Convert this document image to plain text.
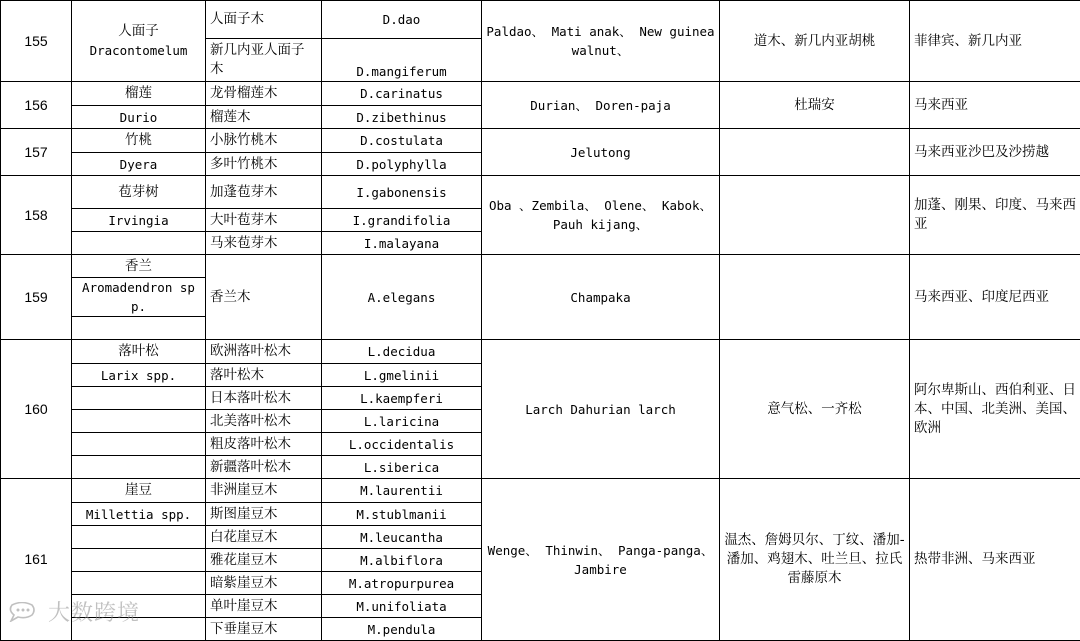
155	人面子
Dracontomelum	人面子木	D.dao	Paldao、 Mati anak、 New guinea walnut、	道木、新几内亚胡桃	菲律宾、新几内亚
		新几内亚人面子木	D.mangiferum			
156	榴莲	龙骨榴莲木	D.carinatus	Durian、 Doren-paja	杜瑞安	马来西亚
	Durio	榴莲木	D.zibethinus			
157	竹桃	小脉竹桃木	D.costulata	Jelutong		马来西亚沙巴及沙捞越
	Dyera	多叶竹桃木	D.polyphylla			
158	苞芽树	加蓬苞芽木	I.gabonensis	Oba 、Zembila、 Olene、 Kabok、 Pauh kijang、		加蓬、刚果、印度、马来西亚
	Irvingia	大叶苞芽木	I.grandifolia			
		马来苞芽木	I.malayana			
159	香兰	香兰木	A.elegans	Champaka		马来西亚、印度尼西亚
	Aromadendron spp.					

160	落叶松	欧洲落叶松木	L.decidua	Larch Dahurian larch	意气松、一齐松	阿尔卑斯山、西伯利亚、日本、中国、北美洲、美国、欧洲
	Larix spp.	落叶松木	L.gmelinii			
		日本落叶松木	L.kaempferi			
		北美落叶松木	L.laricina			
		粗皮落叶松木	L.occidentalis			
		新疆落叶松木	L.siberica			
161	崖豆	非洲崖豆木	M.laurentii	Wenge、 Thinwin、 Panga-panga、 Jambire	温杰、詹姆贝尔、丁纹、潘加-潘加、鸡翅木、吐兰旦、拉氏雷藤原木	热带非洲、马来西亚
	Millettia spp.	斯图崖豆木	M.stublmanii			
		白花崖豆木	M.leucantha			
		雅花崖豆木	M.albiflora			
		暗紫崖豆木	M.atropurpurea			
		单叶崖豆木	M.unifoliata			
		下垂崖豆木	M.pendula			
大数跨境
